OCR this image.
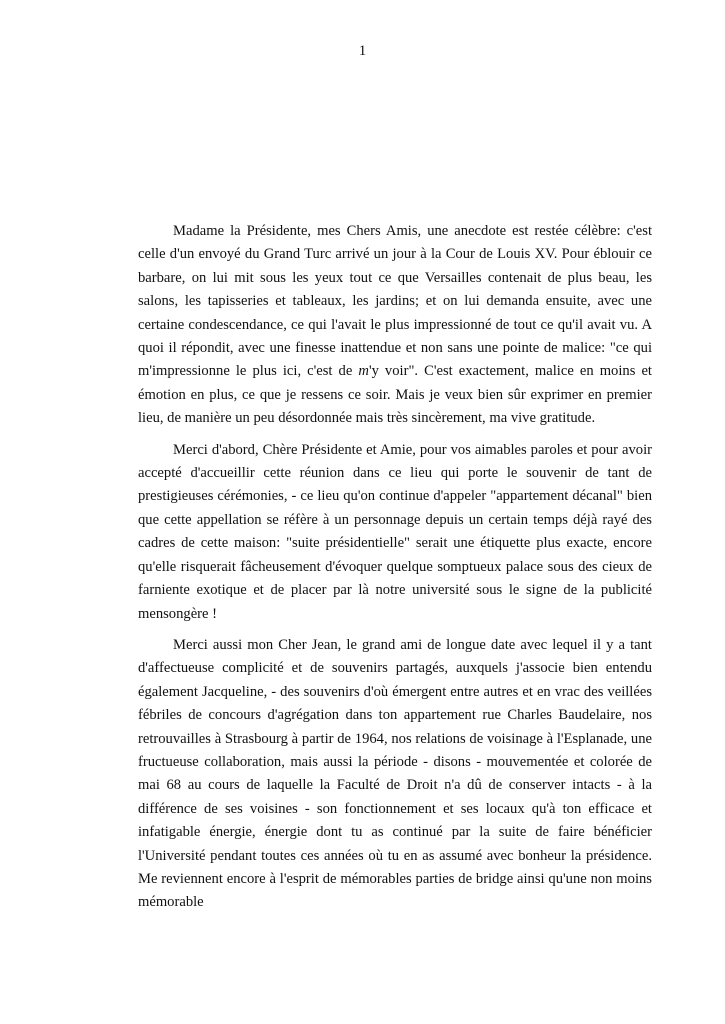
1

Madame la Présidente, mes Chers Amis, une anecdote est restée célèbre: c'est celle d'un envoyé du Grand Turc arrivé un jour à la Cour de Louis XV. Pour éblouir ce barbare, on lui mit sous les yeux tout ce que Versailles contenait de plus beau, les salons, les tapisseries et tableaux, les jardins; et on lui demanda ensuite, avec une certaine condescendance, ce qui l'avait le plus impressionné de tout ce qu'il avait vu. A quoi il répondit, avec une finesse inattendue et non sans une pointe de malice: "ce qui m'impressionne le plus ici, c'est de m'y voir". C'est exactement, malice en moins et émotion en plus, ce que je ressens ce soir. Mais je veux bien sûr exprimer en premier lieu, de manière un peu désordonnée mais très sincèrement, ma vive gratitude.

Merci d'abord, Chère Présidente et Amie, pour vos aimables paroles et pour avoir accepté d'accueillir cette réunion dans ce lieu qui porte le souvenir de tant de prestigieuses cérémonies, - ce lieu qu'on continue d'appeler "appartement décanal" bien que cette appellation se réfère à un personnage depuis un certain temps déjà rayé des cadres de cette maison: "suite présidentielle" serait une étiquette plus exacte, encore qu'elle risquerait fâcheusement d'évoquer quelque somptueux palace sous des cieux de farniente exotique et de placer par là notre université sous le signe de la publicité mensongère !

Merci aussi mon Cher Jean, le grand ami de longue date avec lequel il y a tant d'affectueuse complicité et de souvenirs partagés, auxquels j'associe bien entendu également Jacqueline, - des souvenirs d'où émergent entre autres et en vrac des veillées fébriles de concours d'agrégation dans ton appartement rue Charles Baudelaire, nos retrouvailles à Strasbourg à partir de 1964, nos relations de voisinage à l'Esplanade, une fructueuse collaboration, mais aussi la période - disons - mouvementée et colorée de mai 68 au cours de laquelle la Faculté de Droit n'a dû de conserver intacts - à la différence de ses voisines - son fonctionnement et ses locaux qu'à ton efficace et infatigable énergie, énergie dont tu as continué par la suite de faire bénéficier l'Université pendant toutes ces années où tu en as assumé avec bonheur la présidence. Me reviennent encore à l'esprit de mémorables parties de bridge ainsi qu'une non moins mémorable
